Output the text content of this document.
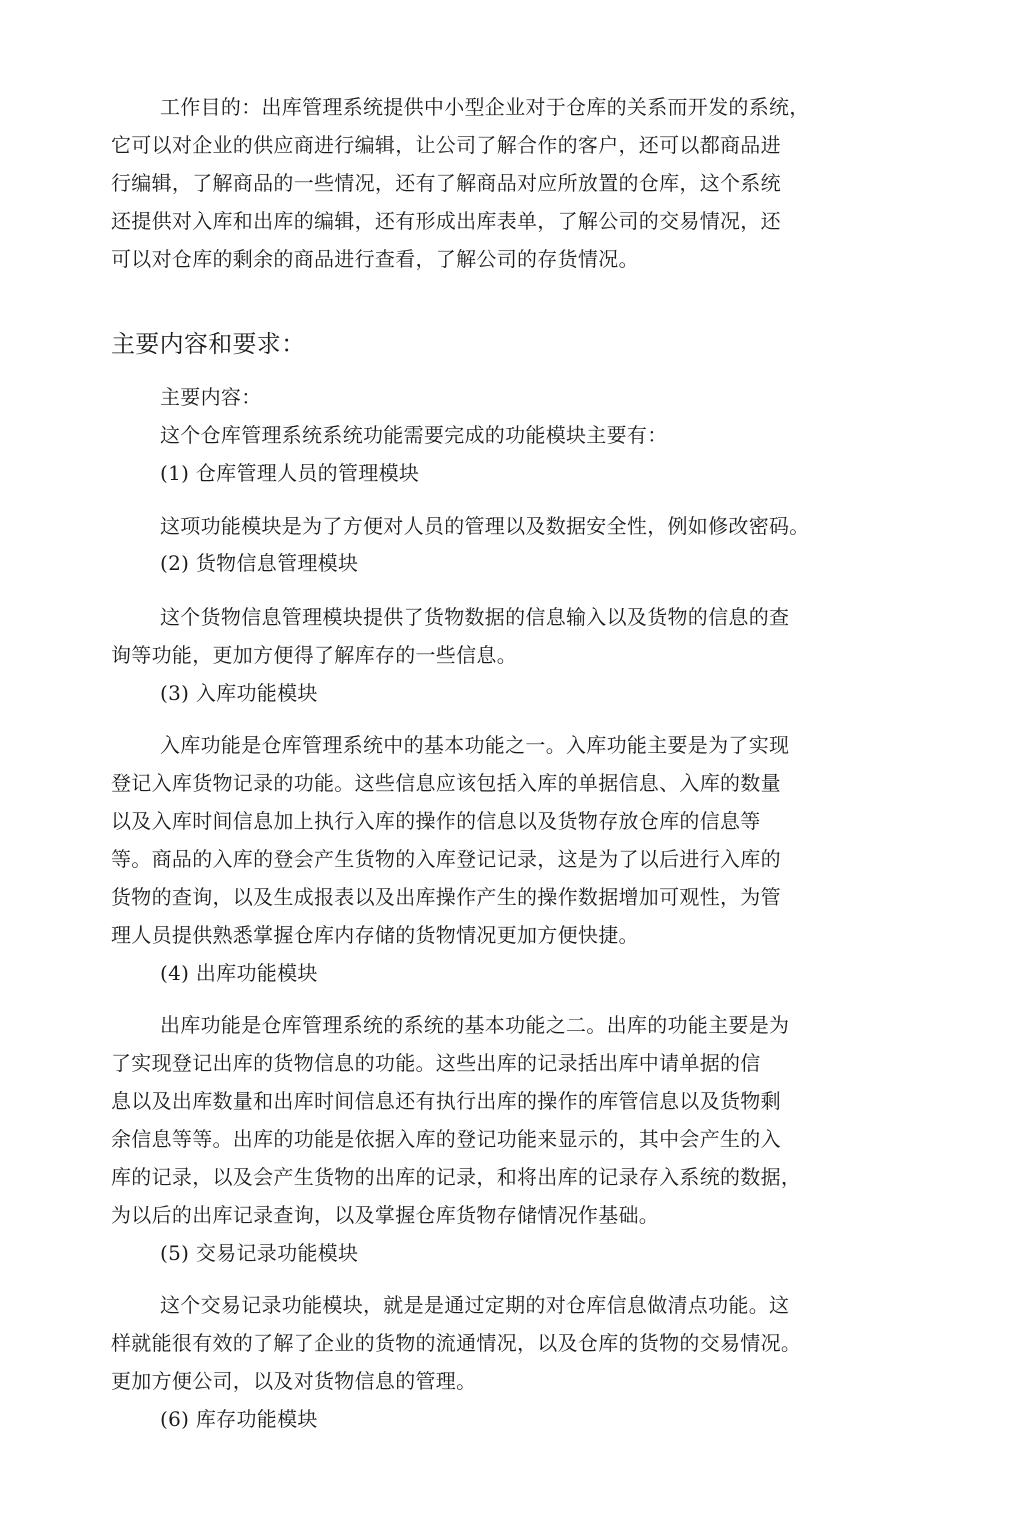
工作目的：出库管理系统提供中小型企业对于仓库的关系而开发的系统，
它可以对企业的供应商进行编辑，让公司了解合作的客户，还可以都商品进
行编辑，了解商品的一些情况，还有了解商品对应所放置的仓库，这个系统
还提供对入库和出库的编辑，还有形成出库表单，了解公司的交易情况，还
可以对仓库的剩余的商品进行查看，了解公司的存货情况。
主要内容和要求：
主要内容：
这个仓库管理系统系统功能需要完成的功能模块主要有：
(1) 仓库管理人员的管理模块
这项功能模块是为了方便对人员的管理以及数据安全性，例如修改密码。
(2) 货物信息管理模块
这个货物信息管理模块提供了货物数据的信息输入以及货物的信息的查
询等功能，更加方便得了解库存的一些信息。
(3) 入库功能模块
入库功能是仓库管理系统中的基本功能之一。入库功能主要是为了实现
登记入库货物记录的功能。这些信息应该包括入库的单据信息、入库的数量
以及入库时间信息加上执行入库的操作的信息以及货物存放仓库的信息等
等。商品的入库的登会产生货物的入库登记记录，这是为了以后进行入库的
货物的查询，以及生成报表以及出库操作产生的操作数据增加可观性，为管
理人员提供熟悉掌握仓库内存储的货物情况更加方便快捷。
(4) 出库功能模块
出库功能是仓库管理系统的系统的基本功能之二。出库的功能主要是为
了实现登记出库的货物信息的功能。这些出库的记录括出库中请单据的信
息以及出库数量和出库时间信息还有执行出库的操作的库管信息以及货物剩
余信息等等。出库的功能是依据入库的登记功能来显示的，其中会产生的入
库的记录，以及会产生货物的出库的记录，和将出库的记录存入系统的数据，
为以后的出库记录查询，以及掌握仓库货物存储情况作基础。
(5) 交易记录功能模块
这个交易记录功能模块，就是是通过定期的对仓库信息做清点功能。这
样就能很有效的了解了企业的货物的流通情况，以及仓库的货物的交易情况。
更加方便公司，以及对货物信息的管理。
(6) 库存功能模块
